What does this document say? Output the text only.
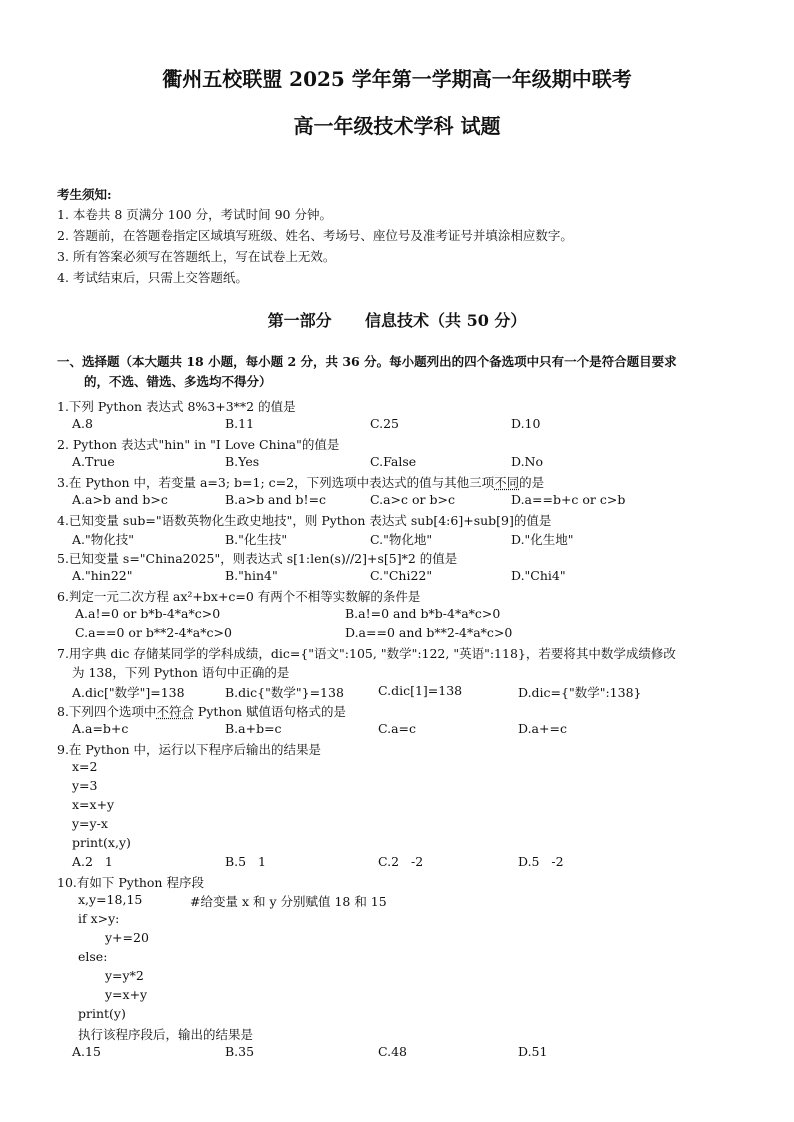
衢州五校联盟 2025 学年第一学期高一年级期中联考
高一年级技术学科 试题
考生须知:
1. 本卷共 8 页满分 100 分，考试时间 90 分钟。
2. 答题前，在答题卷指定区域填写班级、姓名、考场号、座位号及准考证号并填涂相应数字。
3. 所有答案必须写在答题纸上，写在试卷上无效。
4. 考试结束后，只需上交答题纸。
第一部分      信息技术（共 50 分）
一、选择题（本大题共 18 小题，每小题 2 分，共 36 分。每小题列出的四个备选项中只有一个是符合题目要求
的，不选、错选、多选均不得分）
1.下列 Python 表达式 8%3+3**2 的值是
A.8	B.11	C.25	D.10
2. Python 表达式"hin" in "I Love China"的值是
A.True	B.Yes	C.False	D.No
3.在 Python 中，若变量 a=3; b=1; c=2，下列选项中表达式的值与其他三项不同的是
A.a>b and b>c	B.a>b and b!=c	C.a>c or b>c	D.a==b+c or c>b
4.已知变量 sub="语数英物化生政史地技"，则 Python 表达式 sub[4:6]+sub[9]的值是
A."物化技"	B."化生技"	C."物化地"	D."化生地"
5.已知变量 s="China2025"，则表达式 s[1:len(s)//2]+s[5]*2 的值是
A."hin22"	B."hin4"	C."Chi22"	D."Chi4"
6.判定一元二次方程 ax²+bx+c=0 有两个不相等实数解的条件是
A.a!=0 or b*b-4*a*c>0	B.a!=0 and b*b-4*a*c>0
C.a==0 or b**2-4*a*c>0	D.a==0 and b**2-4*a*c>0
7.用字典 dic 存储某同学的学科成绩，dic={"语文":105, "数学":122, "英语":118}，若要将其中数学成绩修改
为 138，下列 Python 语句中正确的是
A.dic["数学"]=138	B.dic{"数学"}=138	C.dic[1]=138	D.dic={"数学":138}
8.下列四个选项中不符合 Python 赋值语句格式的是
A.a=b+c	B.a+b=c	C.a=c	D.a+=c
9.在 Python 中，运行以下程序后输出的结果是
x=2
y=3
x=x+y
y=y-x
print(x,y)
A.2   1	B.5   1	C.2   -2	D.5   -2
10.有如下 Python 程序段
x,y=18,15	#给变量 x 和 y 分别赋值 18 和 15
if x>y:
y+=20
else:
y=y*2
y=x+y
print(y)
执行该程序段后，输出的结果是
A.15	B.35	C.48	D.51
